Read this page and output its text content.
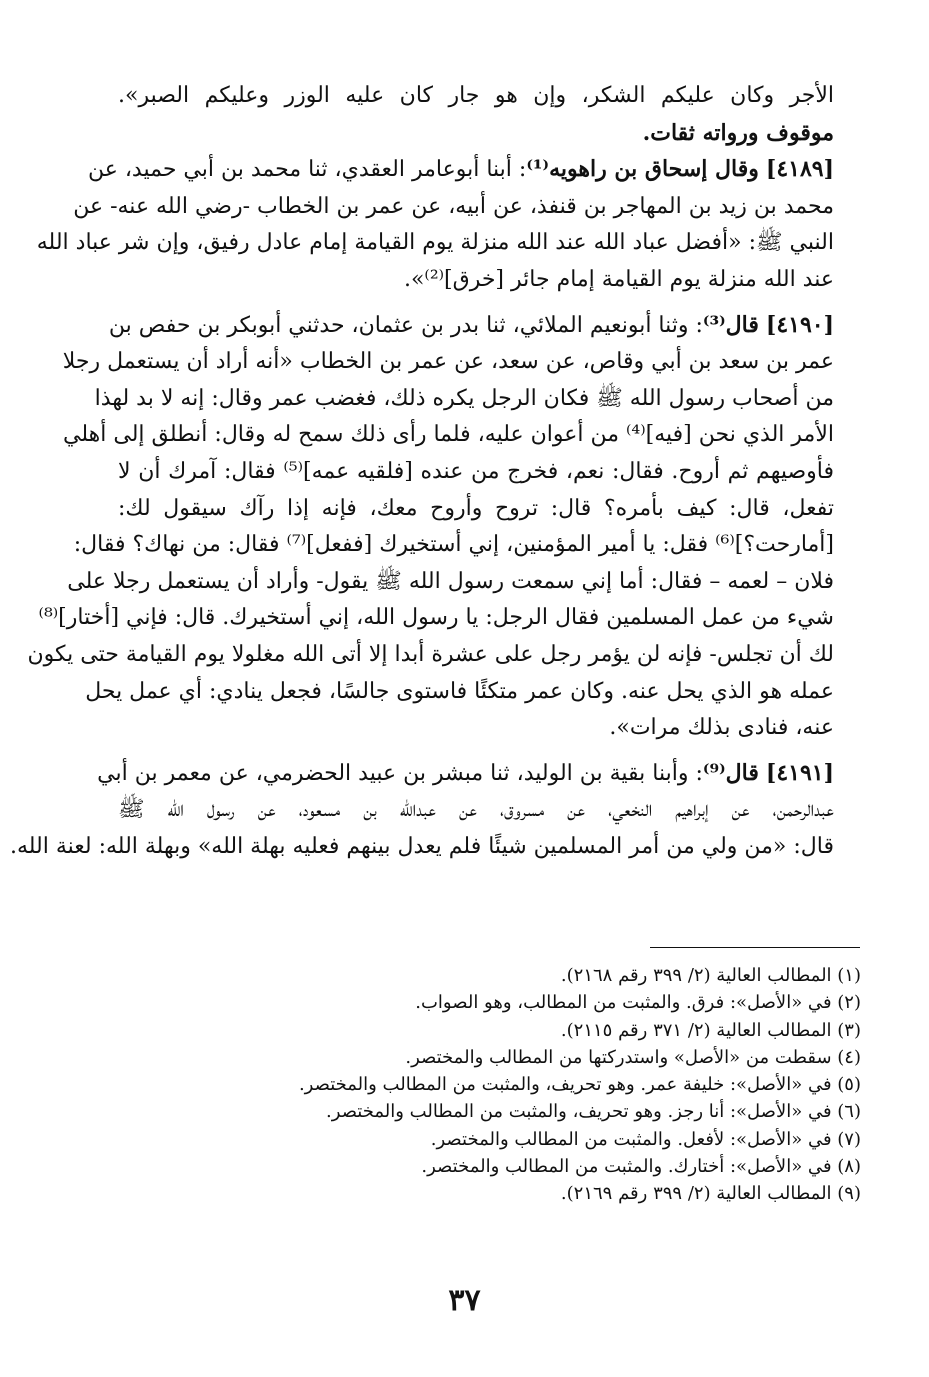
الأجر وكان عليكم الشكر، وإن هو جار كان عليه الوزر وعليكم الصبر».
موقوف ورواته ثقات.
[٤١٨٩] وقال إسحاق بن راهويه⁽¹⁾: أبنا أبوعامر العقدي، ثنا محمد بن أبي حميد، عن
محمد بن زيد بن المهاجر بن قنفذ، عن أبيه، عن عمر بن الخطاب -رضي الله عنه- عن
النبي ﷺ: «أفضل عباد الله عند الله منزلة يوم القيامة إمام عادل رفيق، وإن شر عباد الله
عند الله منزلة يوم القيامة إمام جائر [خرق]⁽²⁾».
[٤١٩٠] قال⁽³⁾: وثنا أبونعيم الملائي، ثنا بدر بن عثمان، حدثني أبوبكر بن حفص بن
عمر بن سعد بن أبي وقاص، عن سعد، عن عمر بن الخطاب «أنه أراد أن يستعمل رجلا
من أصحاب رسول الله ﷺ فكان الرجل يكره ذلك، فغضب عمر وقال: إنه لا بد لهذا
الأمر الذي نحن [فيه]⁽⁴⁾ من أعوان عليه، فلما رأى ذلك سمح له وقال: أنطلق إلى أهلي
فأوصيهم ثم أروح. فقال: نعم، فخرج من عنده [فلقيه عمه]⁽⁵⁾ فقال: آمرك أن لا
تفعل، قال: كيف بأمره؟ قال: تروح وأروح معك، فإنه إذا رآك سيقول لك:
[أمارحت؟]⁽⁶⁾ فقل: يا أمير المؤمنين، إني أستخيرك [ففعل]⁽⁷⁾ فقال: من نهاك؟ فقال:
فلان – لعمه – فقال: أما إني سمعت رسول الله ﷺ يقول- وأراد أن يستعمل رجلا على
شيء من عمل المسلمين فقال الرجل: يا رسول الله، إني أستخيرك. قال: فإني [أختار]⁽⁸⁾
لك أن تجلس- فإنه لن يؤمر رجل على عشرة أبدا إلا أتى الله مغلولا يوم القيامة حتى يكون
عمله هو الذي يحل عنه. وكان عمر متكئًا فاستوى جالسًا، فجعل ينادي: أي عمل يحل
عنه، فنادى بذلك مرات».
[٤١٩١] قال⁽⁹⁾: وأبنا بقية بن الوليد، ثنا مبشر بن عبيد الحضرمي، عن معمر بن أبي
عبدالرحمن، عن إبراهيم النخعي، عن مسروق، عن عبدالله بن مسعود، عن رسول الله ﷺ
قال: «من ولي من أمر المسلمين شيئًا فلم يعدل بينهم فعليه بهلة الله» وبهلة الله: لعنة الله.
(١) المطالب العالية (٢/ ٣٩٩ رقم ٢١٦٨).
(٢) في «الأصل»: فرق. والمثبت من المطالب، وهو الصواب.
(٣) المطالب العالية (٢/ ٣٧١ رقم ٢١١٥).
(٤) سقطت من «الأصل» واستدركتها من المطالب والمختصر.
(٥) في «الأصل»: خليفة عمر. وهو تحريف، والمثبت من المطالب والمختصر.
(٦) في «الأصل»: أنا رجز. وهو تحريف، والمثبت من المطالب والمختصر.
(٧) في «الأصل»: لأفعل. والمثبت من المطالب والمختصر.
(٨) في «الأصل»: أختارك. والمثبت من المطالب والمختصر.
(٩) المطالب العالية (٢/ ٣٩٩ رقم ٢١٦٩).
٣٧
